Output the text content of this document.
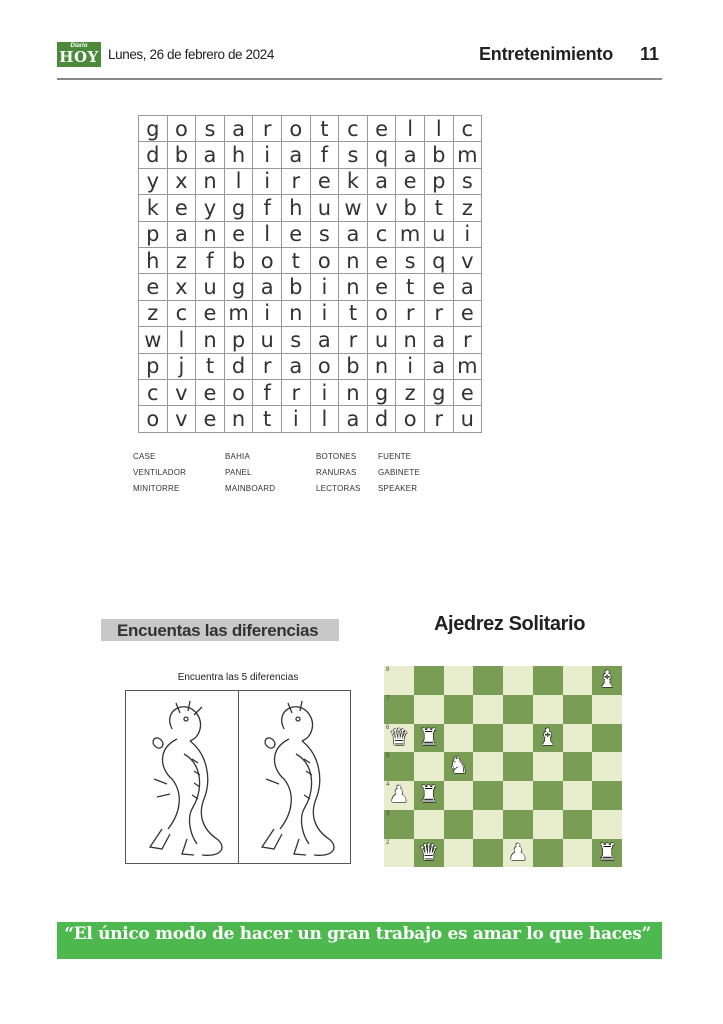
Diario
HOY Lunes, 26 de febrero de 2024	Entretenimiento 11
g	o	s	a	r	o	t	c	e	l	l	c
d	b	a	h	i	a	f	s	q	a	b	m
y	x	n	l	i	r	e	k	a	e	p	s
k	e	y	g	f	h	u	w	v	b	t	z
p	a	n	e	l	e	s	a	c	m	u	i
h	z	f	b	o	t	o	n	e	s	q	v
e	x	u	g	a	b	i	n	e	t	e	a
z	c	e	m	i	n	i	t	o	r	r	e
w	l	n	p	u	s	a	r	u	n	a	r
p	j	t	d	r	a	o	b	n	i	a	m
c	v	e	o	f	r	i	n	g	z	g	e
o	v	e	n	t	i	l	a	d	o	r	u
CASE	BAHIA	BOTONES	FUENTE
VENTILADOR	PANEL	RANURAS	GABINETE
MINITORRE	MAINBOARD	LECTORAS SPEAKER
Encuentas las diferencias
Encuentra las 5 diferencias
Ajedrez Solitario
8
7
6
5
4
3
2
♝
♛ ♜	♝
♞
♟ ♜
♛	♟	♜
“El único modo de hacer un gran trabajo es amar lo que haces”
